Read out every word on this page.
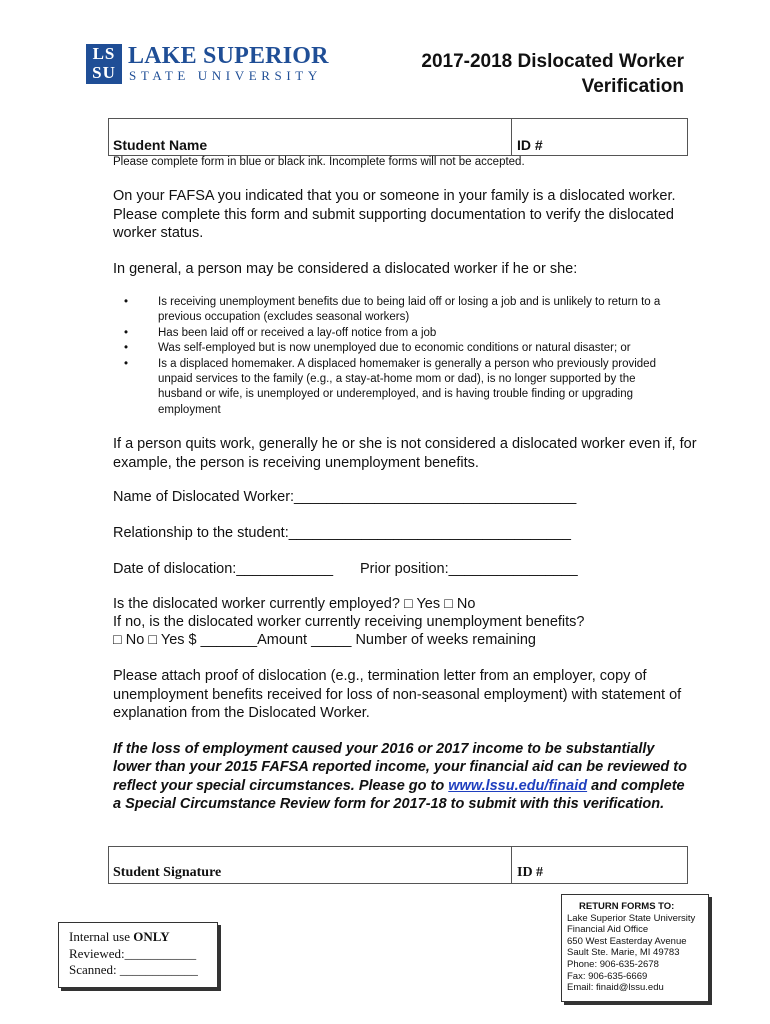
LS
SU
LAKE SUPERIOR
STATE UNIVERSITY
2017-2018 Dislocated Worker
Verification
Student Name	ID #
Please complete form in blue or black ink. Incomplete forms will not be accepted.
On your FAFSA you indicated that you or someone in your family is a dislocated worker. Please complete this form and submit supporting documentation to verify the dislocated worker status.
In general, a person may be considered a dislocated worker if he or she:
• Is receiving unemployment benefits due to being laid off or losing a job and is unlikely to return to a previous occupation (excludes seasonal workers)
• Has been laid off or received a lay-off notice from a job
• Was self-employed but is now unemployed due to economic conditions or natural disaster; or
• Is a displaced homemaker. A displaced homemaker is generally a person who previously provided unpaid services to the family (e.g., a stay-at-home mom or dad), is no longer supported by the husband or wife, is unemployed or underemployed, and is having trouble finding or upgrading employment
If a person quits work, generally he or she is not considered a dislocated worker even if, for example, the person is receiving unemployment benefits.
Name of Dislocated Worker:___________________________________
Relationship to the student:___________________________________
Date of dislocation:____________ Prior position:________________
Is the dislocated worker currently employed? □ Yes □ No
If no, is the dislocated worker currently receiving unemployment benefits?
□ No □ Yes $ _______Amount _____ Number of weeks remaining
Please attach proof of dislocation (e.g., termination letter from an employer, copy of unemployment benefits received for loss of non-seasonal employment) with statement of explanation from the Dislocated Worker.
If the loss of employment caused your 2016 or 2017 income to be substantially lower than your 2015 FAFSA reported income, your financial aid can be reviewed to reflect your special circumstances. Please go to www.lssu.edu/finaid and complete a Special Circumstance Review form for 2017-18 to submit with this verification.
Student Signature	ID #
Internal use ONLY
Reviewed:___________
Scanned: ____________
RETURN FORMS TO:
Lake Superior State University
Financial Aid Office
650 West Easterday Avenue
Sault Ste. Marie, MI 49783
Phone: 906-635-2678
Fax: 906-635-6669
Email: finaid@lssu.edu
